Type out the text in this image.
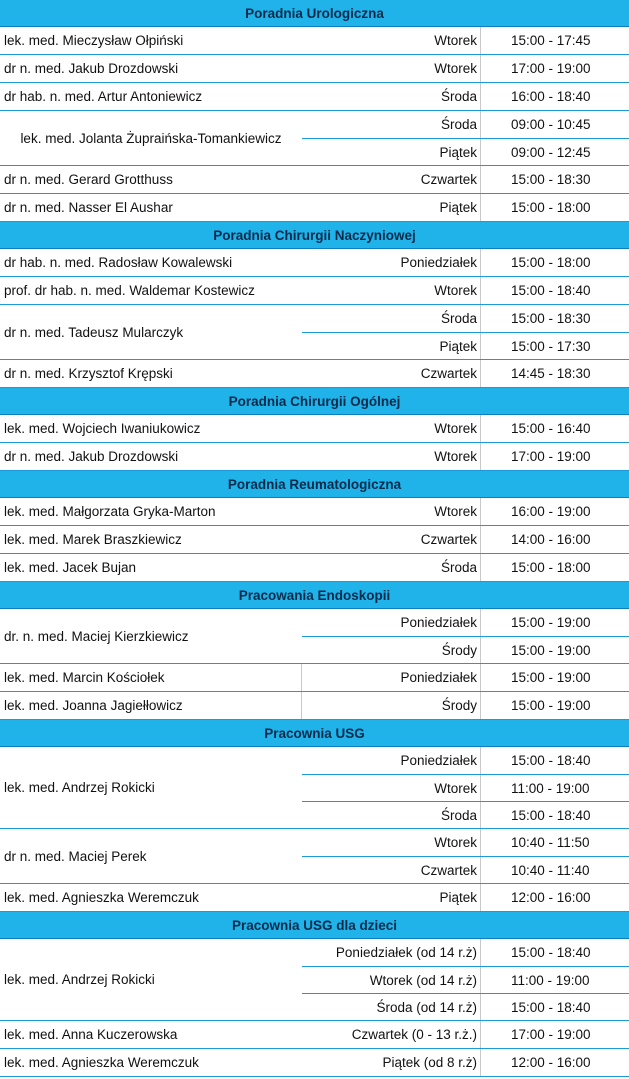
Poradnia Urologiczna
lek. med. Mieczysław Ołpiński	Wtorek	15:00 - 17:45
dr n. med. Jakub Drozdowski	Wtorek	17:00 - 19:00
dr hab. n. med. Artur Antoniewicz	Środa	16:00 - 18:40
lek. med. Jolanta Żupraińska-Tomankiewicz
Środa	09:00 - 10:45
Piątek	09:00 - 12:45
dr n. med. Gerard Grotthuss	Czwartek	15:00 - 18:30
dr n. med. Nasser El Aushar	Piątek	15:00 - 18:00
Poradnia Chirurgii Naczyniowej
dr hab. n. med. Radosław Kowalewski	Poniedziałek	15:00 - 18:00
prof. dr hab. n. med. Waldemar Kostewicz	Wtorek	15:00 - 18:40
dr n. med. Tadeusz Mularczyk
Środa	15:00 - 18:30
Piątek	15:00 - 17:30
dr n. med. Krzysztof Krępski	Czwartek	14:45 - 18:30
Poradnia Chirurgii Ogólnej
lek. med. Wojciech Iwaniukowicz	Wtorek	15:00 - 16:40
dr n. med. Jakub Drozdowski	Wtorek	17:00 - 19:00
Poradnia Reumatologiczna
lek. med. Małgorzata Gryka-Marton	Wtorek	16:00 - 19:00
lek. med. Marek Braszkiewicz	Czwartek	14:00 - 16:00
lek. med. Jacek Bujan	Środa	15:00 - 18:00
Pracowania Endoskopii
dr. n. med. Maciej Kierzkiewicz
Poniedziałek	15:00 - 19:00
Środy	15:00 - 19:00
lek. med. Marcin Kościołek	Poniedziałek	15:00 - 19:00
lek. med. Joanna Jagiełłowicz	Środy	15:00 - 19:00
Pracownia USG
lek. med. Andrzej Rokicki
Poniedziałek	15:00 - 18:40
Wtorek	11:00 - 19:00
Środa	15:00 - 18:40
dr n. med. Maciej Perek
Wtorek	10:40 - 11:50
Czwartek	10:40 - 11:40
lek. med. Agnieszka Weremczuk	Piątek	12:00 - 16:00
Pracownia USG dla dzieci
lek. med. Andrzej Rokicki
Poniedziałek (od 14 r.ż)	15:00 - 18:40
Wtorek (od 14 r.ż)	11:00 - 19:00
Środa (od 14 r.ż)	15:00 - 18:40
lek. med. Anna Kuczerowska	Czwartek (0 - 13 r.ż.)	17:00 - 19:00
lek. med. Agnieszka Weremczuk	Piątek (od 8 r.ż)	12:00 - 16:00
